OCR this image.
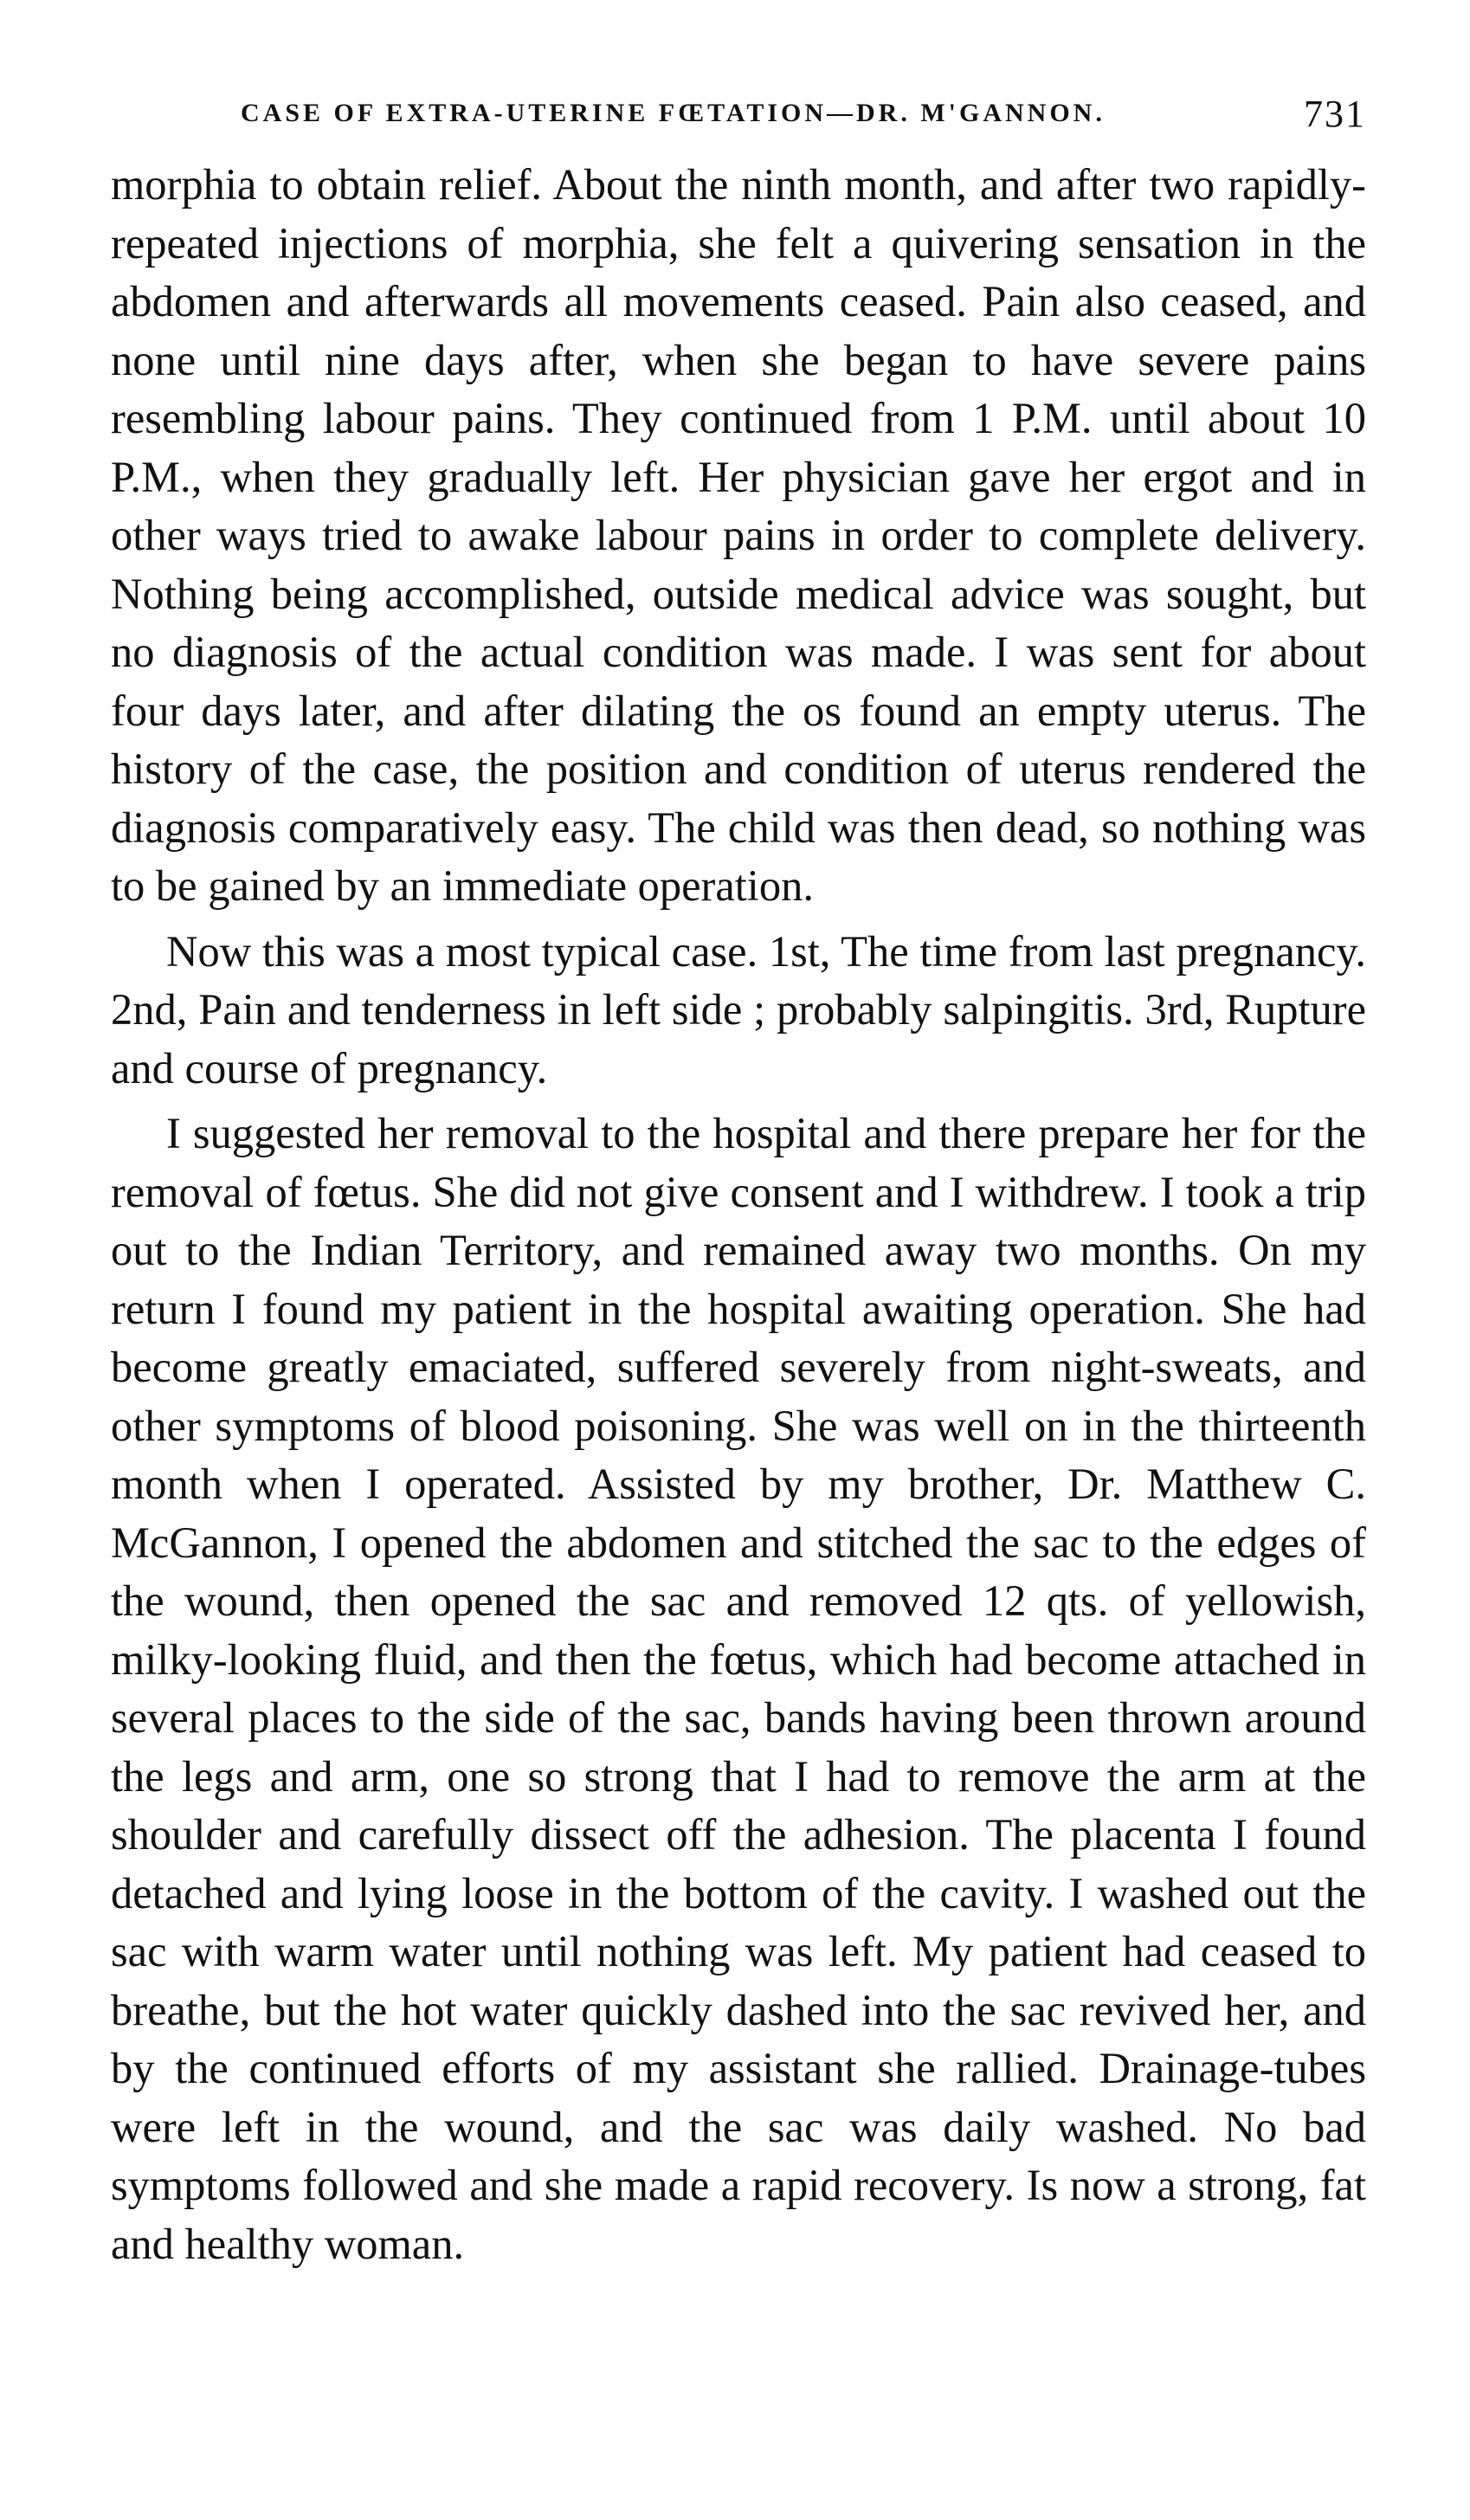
CASE OF EXTRA-UTERINE FŒTATION—DR. M'GANNON.	731

morphia to obtain relief. About the ninth month, and after two rapidly-repeated injections of morphia, she felt a quivering sensation in the abdomen and afterwards all movements ceased. Pain also ceased, and none until nine days after, when she began to have severe pains resembling labour pains. They continued from 1 P.M. until about 10 P.M., when they gradually left. Her physician gave her ergot and in other ways tried to awake labour pains in order to complete delivery. Nothing being accomplished, outside medical advice was sought, but no diagnosis of the actual condition was made. I was sent for about four days later, and after dilating the os found an empty uterus. The history of the case, the position and condition of uterus rendered the diagnosis comparatively easy. The child was then dead, so nothing was to be gained by an immediate operation.

Now this was a most typical case. 1st, The time from last pregnancy. 2nd, Pain and tenderness in left side ; probably salpingitis. 3rd, Rupture and course of pregnancy.

I suggested her removal to the hospital and there prepare her for the removal of fœtus. She did not give consent and I withdrew. I took a trip out to the Indian Territory, and remained away two months. On my return I found my patient in the hospital awaiting operation. She had become greatly emaciated, suffered severely from night-sweats, and other symptoms of blood poisoning. She was well on in the thirteenth month when I operated. Assisted by my brother, Dr. Matthew C. McGannon, I opened the abdomen and stitched the sac to the edges of the wound, then opened the sac and removed 12 qts. of yellowish, milky-looking fluid, and then the fœtus, which had become attached in several places to the side of the sac, bands having been thrown around the legs and arm, one so strong that I had to remove the arm at the shoulder and carefully dissect off the adhesion. The placenta I found detached and lying loose in the bottom of the cavity. I washed out the sac with warm water until nothing was left. My patient had ceased to breathe, but the hot water quickly dashed into the sac revived her, and by the continued efforts of my assistant she rallied. Drainage-tubes were left in the wound, and the sac was daily washed. No bad symptoms followed and she made a rapid recovery. Is now a strong, fat and healthy woman.
